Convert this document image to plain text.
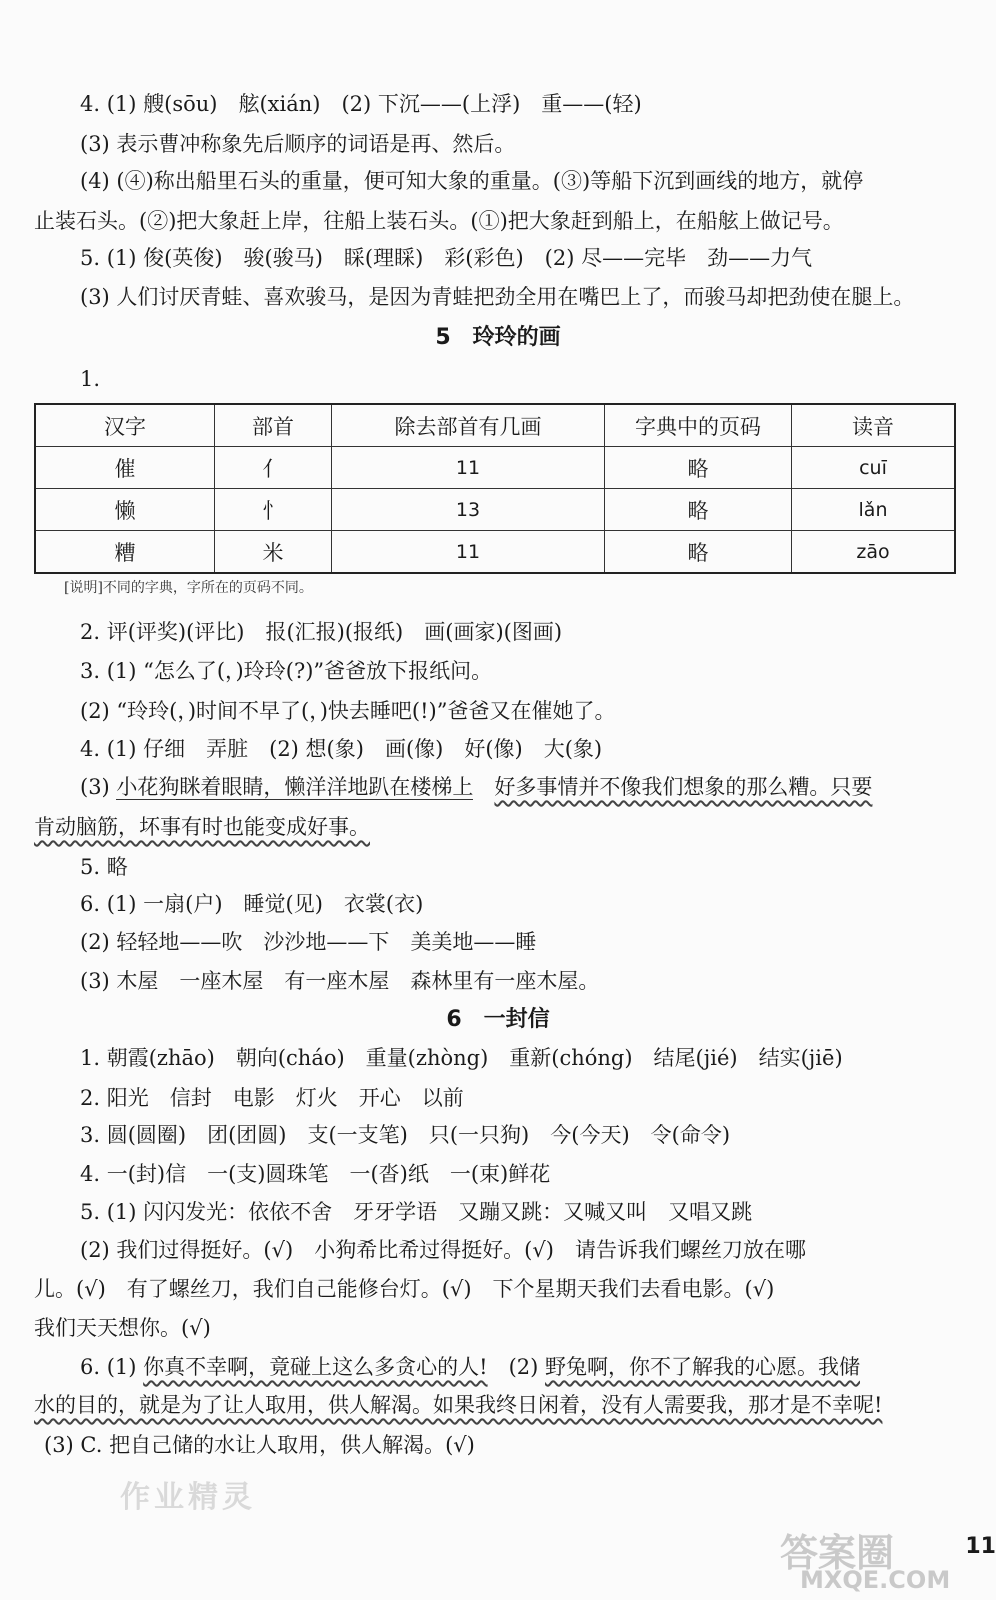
4. (1) 艘(sōu)　舷(xián)　(2) 下沉——(上浮)　重——(轻)
(3) 表示曹冲称象先后顺序的词语是再、然后。
(4) (④)称出船里石头的重量，便可知大象的重量。(③)等船下沉到画线的地方，就停
止装石头。(②)把大象赶上岸，往船上装石头。(①)把大象赶到船上，在船舷上做记号。
5. (1) 俊(英俊)　骏(骏马)　睬(理睬)　彩(彩色)　(2) 尽——完毕　劲——力气
(3) 人们讨厌青蛙、喜欢骏马，是因为青蛙把劲全用在嘴巴上了，而骏马却把劲使在腿上。
5　玲玲的画
1.
汉字	部首	除去部首有几画	字典中的页码	读音
催	亻	11	略	cuī
懒	忄	13	略	lǎn
糟	米	11	略	zāo
[说明]不同的字典，字所在的页码不同。
2. 评(评奖)(评比)　报(汇报)(报纸)　画(画家)(图画)
3. (1) “怎么了(，)玲玲(?)”爸爸放下报纸问。
(2) “玲玲(，)时间不早了(，)快去睡吧(!)”爸爸又在催她了。
4. (1) 仔细　弄脏　(2) 想(象)　画(像)　好(像)　大(象)
(3) 小花狗眯着眼睛，懒洋洋地趴在楼梯上　 好多事情并不像我们想象的那么糟。只要
肯动脑筋，坏事有时也能变成好事。
5. 略
6. (1) 一扇(户)　睡觉(见)　衣裳(衣)
(2) 轻轻地——吹　沙沙地——下　美美地——睡
(3) 木屋　一座木屋　有一座木屋　森林里有一座木屋。
6　一封信
1. 朝霞(zhāo)　朝向(cháo)　重量(zhòng)　重新(chóng)　结尾(jié)　结实(jiē)
2. 阳光　信封　电影　灯火　开心　以前
3. 圆(圆圈)　团(团圆)　支(一支笔)　只(一只狗)　今(今天)　令(命令)
4. 一(封)信　一(支)圆珠笔　一(沓)纸　一(束)鲜花
5. (1) 闪闪发光：依依不舍　牙牙学语　又蹦又跳：又喊又叫　又唱又跳
(2) 我们过得挺好。(√)　小狗希比希过得挺好。(√)　请告诉我们螺丝刀放在哪
儿。(√)　有了螺丝刀，我们自己能修台灯。(√)　下个星期天我们去看电影。(√)
我们天天想你。(√)
6. (1) 你真不幸啊，竟碰上这么多贪心的人!　(2) 野兔啊，你不了解我的心愿。我储
水的目的，就是为了让人取用，供人解渴。如果我终日闲着，没有人需要我，那才是不幸呢!
(3) C. 把自己储的水让人取用，供人解渴。(√)
作业精灵
答案圈
MXQE.COM
11
